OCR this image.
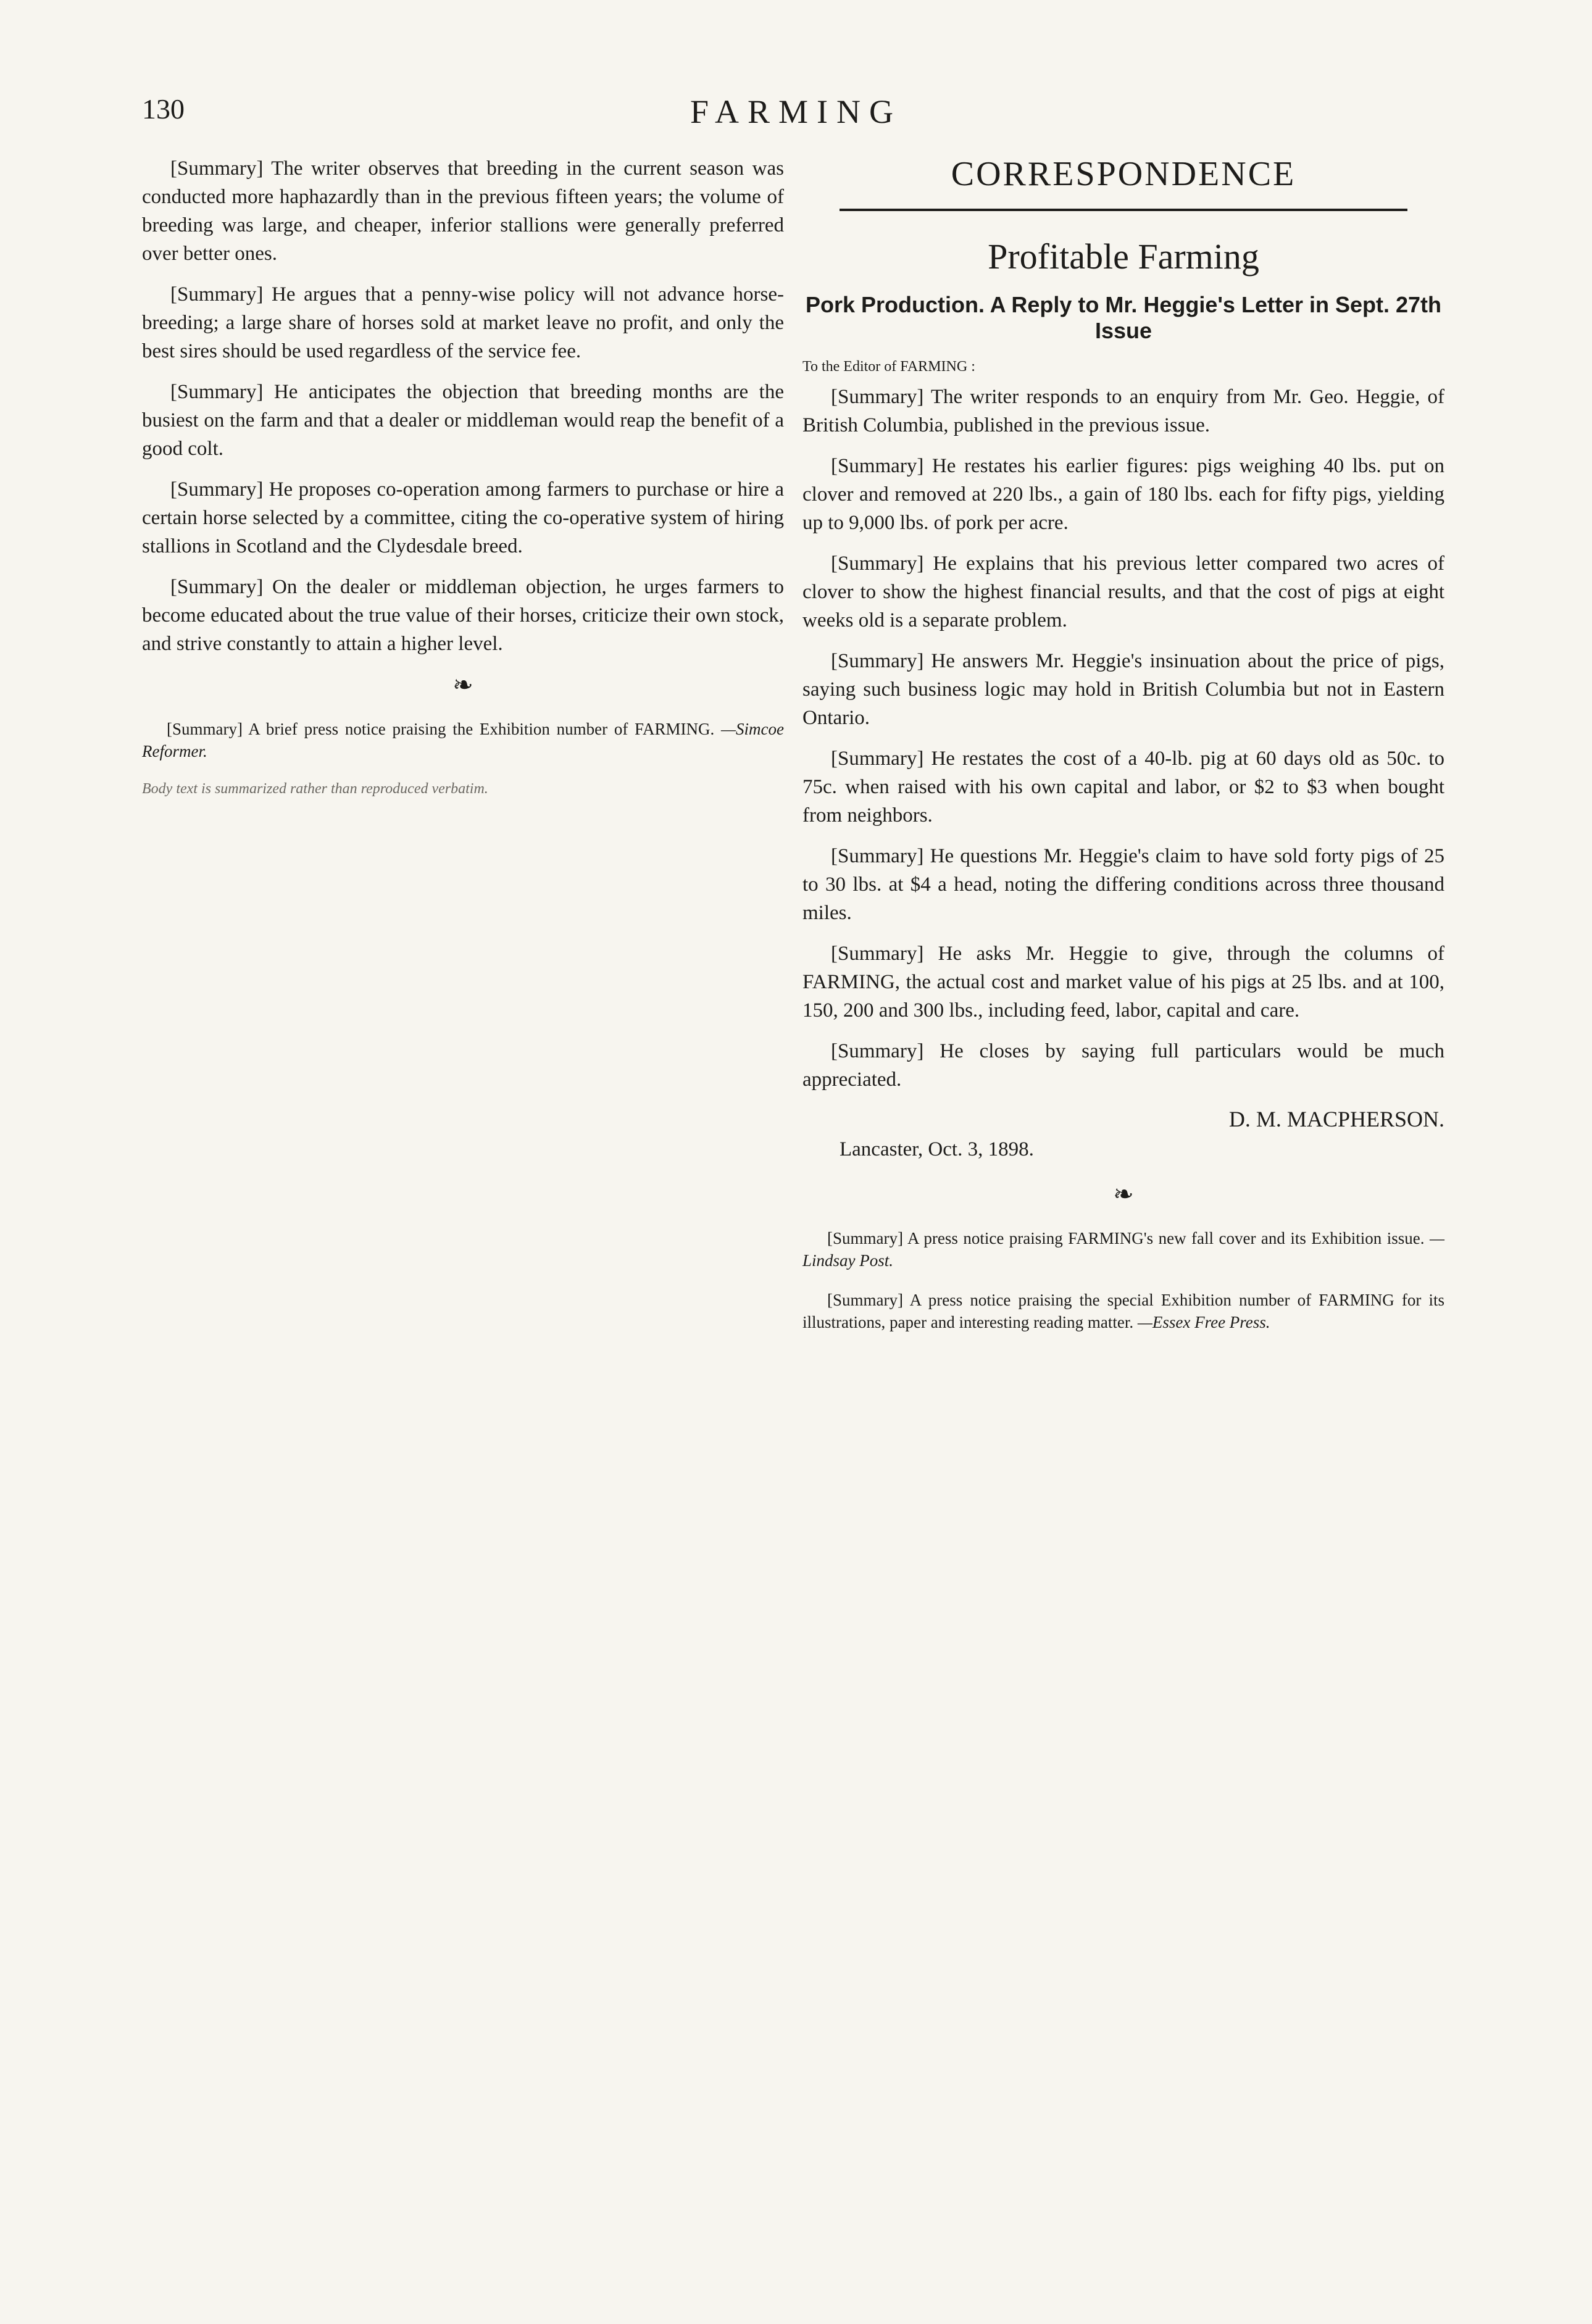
130	FARMING

[Summary] The writer observes that breeding in the current season was conducted more haphazardly than in the previous fifteen years; the volume of breeding was large, and cheaper, inferior stallions were generally preferred over better ones.

[Summary] He argues that a penny-wise policy will not advance horse-breeding; a large share of horses sold at market leave no profit, and only the best sires should be used regardless of the service fee.

[Summary] He anticipates the objection that breeding months are the busiest on the farm and that a dealer or middleman would reap the benefit of a good colt.

[Summary] He proposes co-operation among farmers to purchase or hire a certain horse selected by a committee, citing the co-operative system of hiring stallions in Scotland and the Clydesdale breed.

[Summary] On the dealer or middleman objection, he urges farmers to become educated about the true value of their horses, criticize their own stock, and strive constantly to attain a higher level.

❧

[Summary] A brief press notice praising the Exhibition number of FARMING. —Simcoe Reformer.

Body text is summarized rather than reproduced verbatim.
CORRESPONDENCE
Profitable Farming
Pork Production. A Reply to Mr. Heggie's Letter in Sept. 27th Issue
To the Editor of FARMING :

[Summary] The writer responds to an enquiry from Mr. Geo. Heggie, of British Columbia, published in the previous issue.

[Summary] He restates his earlier figures: pigs weighing 40 lbs. put on clover and removed at 220 lbs., a gain of 180 lbs. each for fifty pigs, yielding up to 9,000 lbs. of pork per acre.

[Summary] He explains that his previous letter compared two acres of clover to show the highest financial results, and that the cost of pigs at eight weeks old is a separate problem.

[Summary] He answers Mr. Heggie's insinuation about the price of pigs, saying such business logic may hold in British Columbia but not in Eastern Ontario.

[Summary] He restates the cost of a 40-lb. pig at 60 days old as 50c. to 75c. when raised with his own capital and labor, or $2 to $3 when bought from neighbors.

[Summary] He questions Mr. Heggie's claim to have sold forty pigs of 25 to 30 lbs. at $4 a head, noting the differing conditions across three thousand miles.

[Summary] He asks Mr. Heggie to give, through the columns of FARMING, the actual cost and market value of his pigs at 25 lbs. and at 100, 150, 200 and 300 lbs., including feed, labor, capital and care.

[Summary] He closes by saying full particulars would be much appreciated.

D. M. MACPHERSON.
Lancaster, Oct. 3, 1898.
❧

[Summary] A press notice praising FARMING's new fall cover and its Exhibition issue. —Lindsay Post.

[Summary] A press notice praising the special Exhibition number of FARMING for its illustrations, paper and interesting reading matter. —Essex Free Press.
